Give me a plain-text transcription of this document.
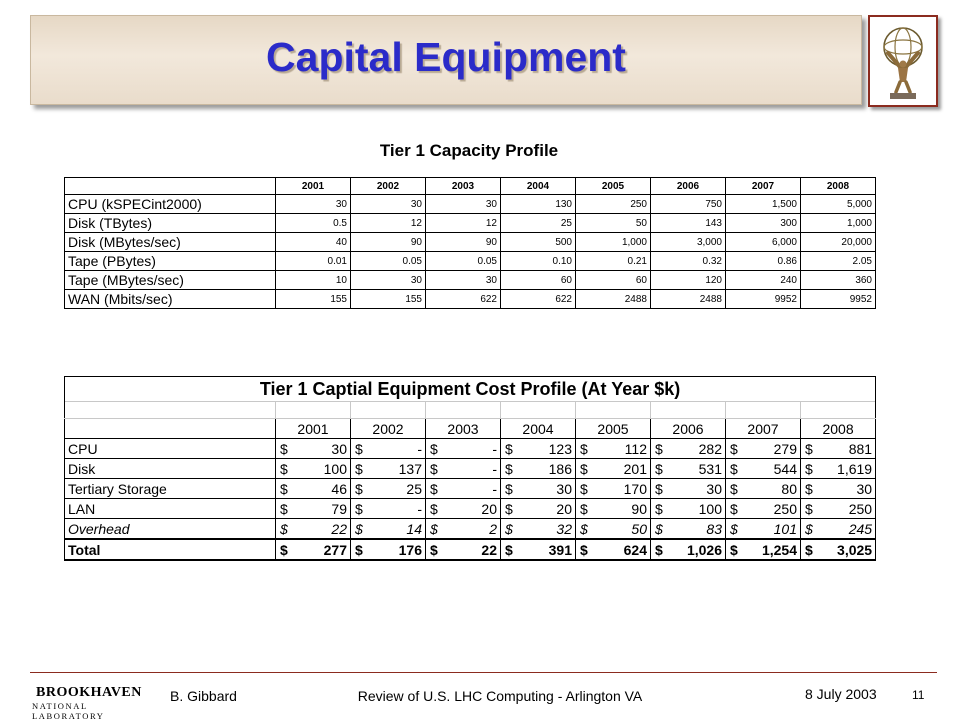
Capital Equipment
Tier 1 Capacity Profile
	2001	2002	2003	2004	2005	2006	2007	2008
CPU (kSPECint2000)	30	30	30	130	250	750	1,500	5,000
Disk (TBytes)	0.5	12	12	25	50	143	300	1,000
Disk (MBytes/sec)	40	90	90	500	1,000	3,000	6,000	20,000
Tape (PBytes)	0.01	0.05	0.05	0.10	0.21	0.32	0.86	2.05
Tape (MBytes/sec)	10	30	30	60	60	120	240	360
WAN (Mbits/sec)	155	155	622	622	2488	2488	9952	9952
Tier 1 Captial Equipment Cost Profile (At Year $k)								

	2001	2002	2003	2004	2005	2006	2007	2008
CPU	$ 30	$ -	$ -	$ 123	$ 112	$ 282	$ 279	$ 881

Disk	$ 100	$ 137	$ -	$ 186	$ 201	$ 531	$ 544	$ 1,619

Tertiary Storage	$ 46	$ 25	$ -	$ 30	$ 170	$ 30	$ 80	$ 30

LAN	$ 79	$ -	$ 20	$ 20	$ 90	$ 100	$ 250	$ 250

Overhead	$ 22	$ 14	$ 2	$ 32	$ 50	$ 83	$ 101	$ 245

Total	$ 277	$ 176	$ 22	$ 391	$ 624	$ 1,026	$ 1,254	$ 3,025
BROOKHAVEN
NATIONAL LABORATORY
B. Gibbard	Review of U.S. LHC Computing - Arlington VA	8 July 2003	11
